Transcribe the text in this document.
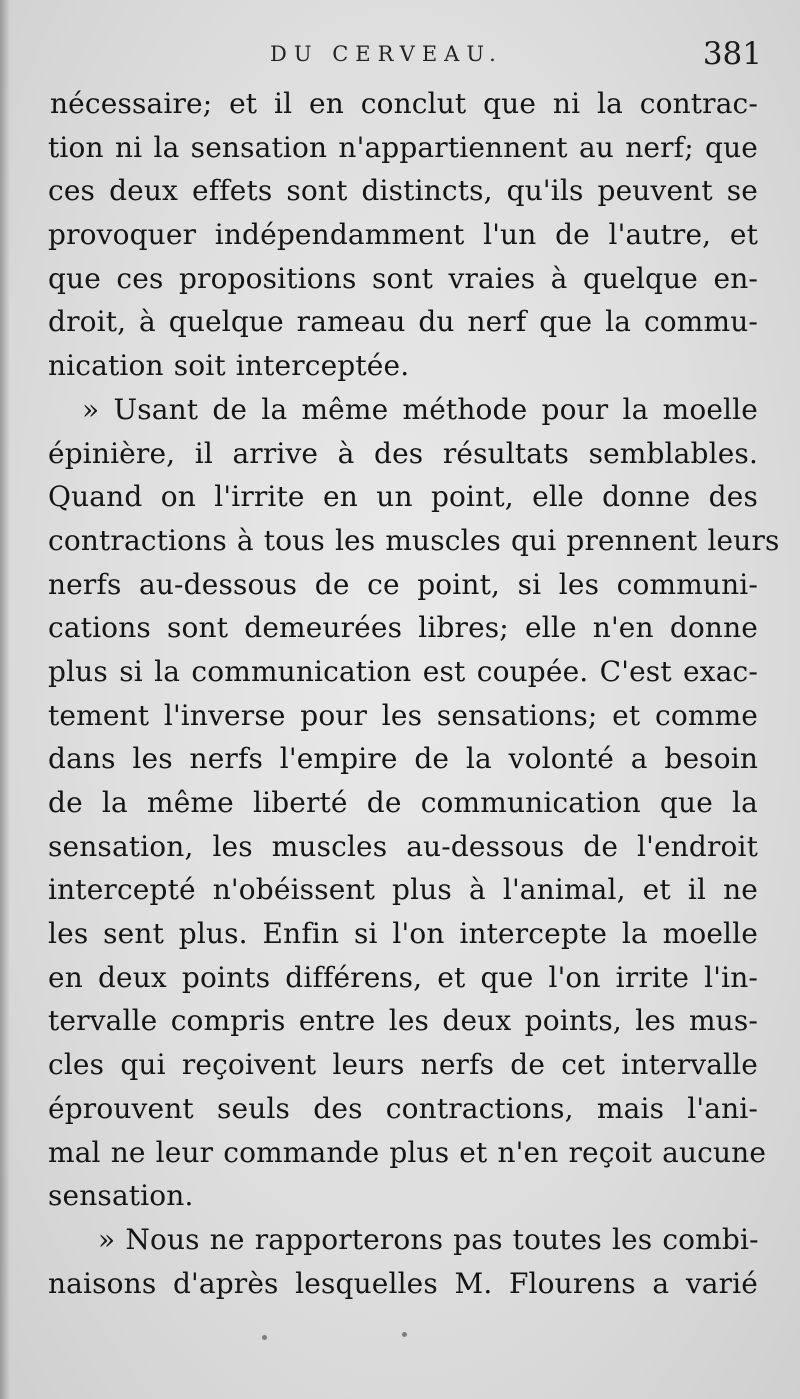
DU CERVEAU.	381
nécessaire; et il en conclut que ni la contrac-
tion ni la sensation n'appartiennent au nerf; que
ces deux effets sont distincts, qu'ils peuvent se
provoquer indépendamment l'un de l'autre, et
que ces propositions sont vraies à quelque en-
droit, à quelque rameau du nerf que la commu-
nication soit interceptée.
» Usant de la même méthode pour la moelle
épinière, il arrive à des résultats semblables.
Quand on l'irrite en un point, elle donne des
contractions à tous les muscles qui prennent leurs
nerfs au-dessous de ce point, si les communi-
cations sont demeurées libres; elle n'en donne
plus si la communication est coupée. C'est exac-
tement l'inverse pour les sensations; et comme
dans les nerfs l'empire de la volonté a besoin
de la même liberté de communication que la
sensation, les muscles au-dessous de l'endroit
intercepté n'obéissent plus à l'animal, et il ne
les sent plus. Enfin si l'on intercepte la moelle
en deux points différens, et que l'on irrite l'in-
tervalle compris entre les deux points, les mus-
cles qui reçoivent leurs nerfs de cet intervalle
éprouvent seuls des contractions, mais l'ani-
mal ne leur commande plus et n'en reçoit aucune
sensation.
» Nous ne rapporterons pas toutes les combi-
naisons d'après lesquelles M. Flourens a varié
